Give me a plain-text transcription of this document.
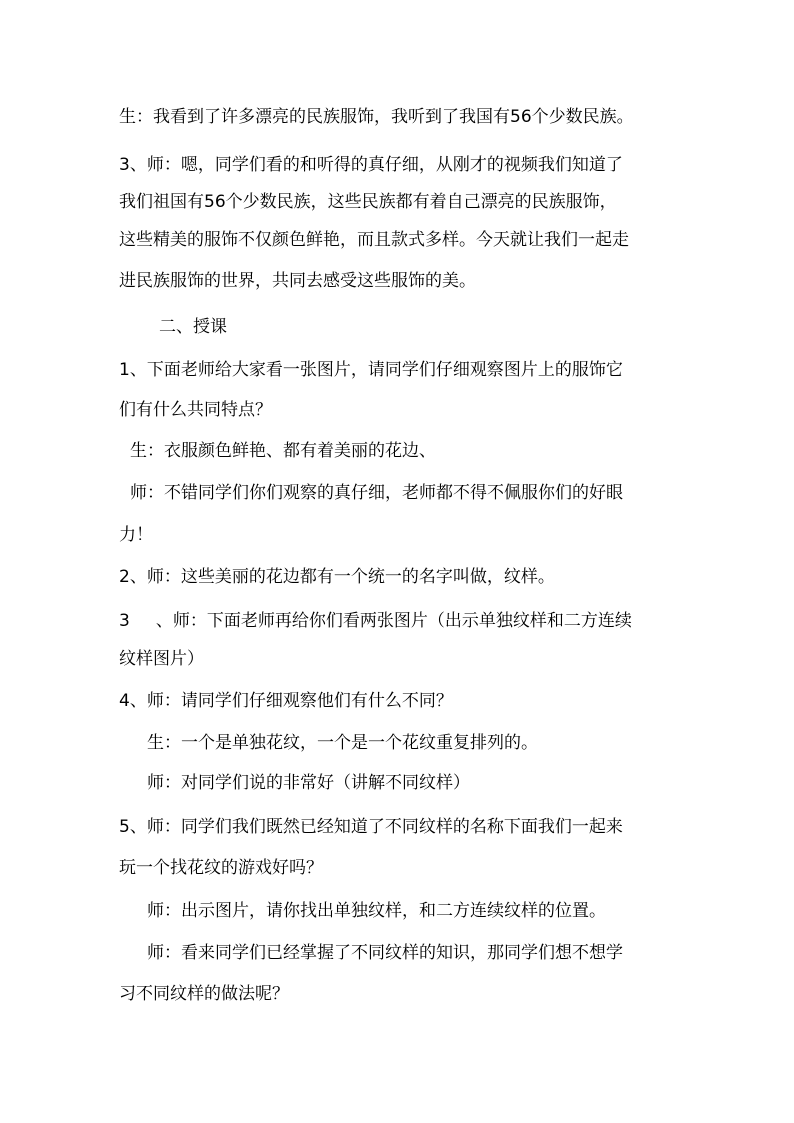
生：我看到了许多漂亮的民族服饰，我听到了我国有56个少数民族。
3、师：嗯，同学们看的和听得的真仔细，从刚才的视频我们知道了
我们祖国有56个少数民族，这些民族都有着自己漂亮的民族服饰，
这些精美的服饰不仅颜色鲜艳，而且款式多样。今天就让我们一起走
进民族服饰的世界，共同去感受这些服饰的美。
二、授课
1、下面老师给大家看一张图片，请同学们仔细观察图片上的服饰它
们有什么共同特点？
生：衣服颜色鲜艳、都有着美丽的花边、
师：不错同学们你们观察的真仔细，老师都不得不佩服你们的好眼
力！
2、师：这些美丽的花边都有一个统一的名字叫做，纹样。
3 、师：下面老师再给你们看两张图片（出示单独纹样和二方连续
纹样图片）
4、师：请同学们仔细观察他们有什么不同？
生：一个是单独花纹，一个是一个花纹重复排列的。
师：对同学们说的非常好（讲解不同纹样）
5、师：同学们我们既然已经知道了不同纹样的名称下面我们一起来
玩一个找花纹的游戏好吗？
师：出示图片，请你找出单独纹样，和二方连续纹样的位置。
师：看来同学们已经掌握了不同纹样的知识，那同学们想不想学
习不同纹样的做法呢？
